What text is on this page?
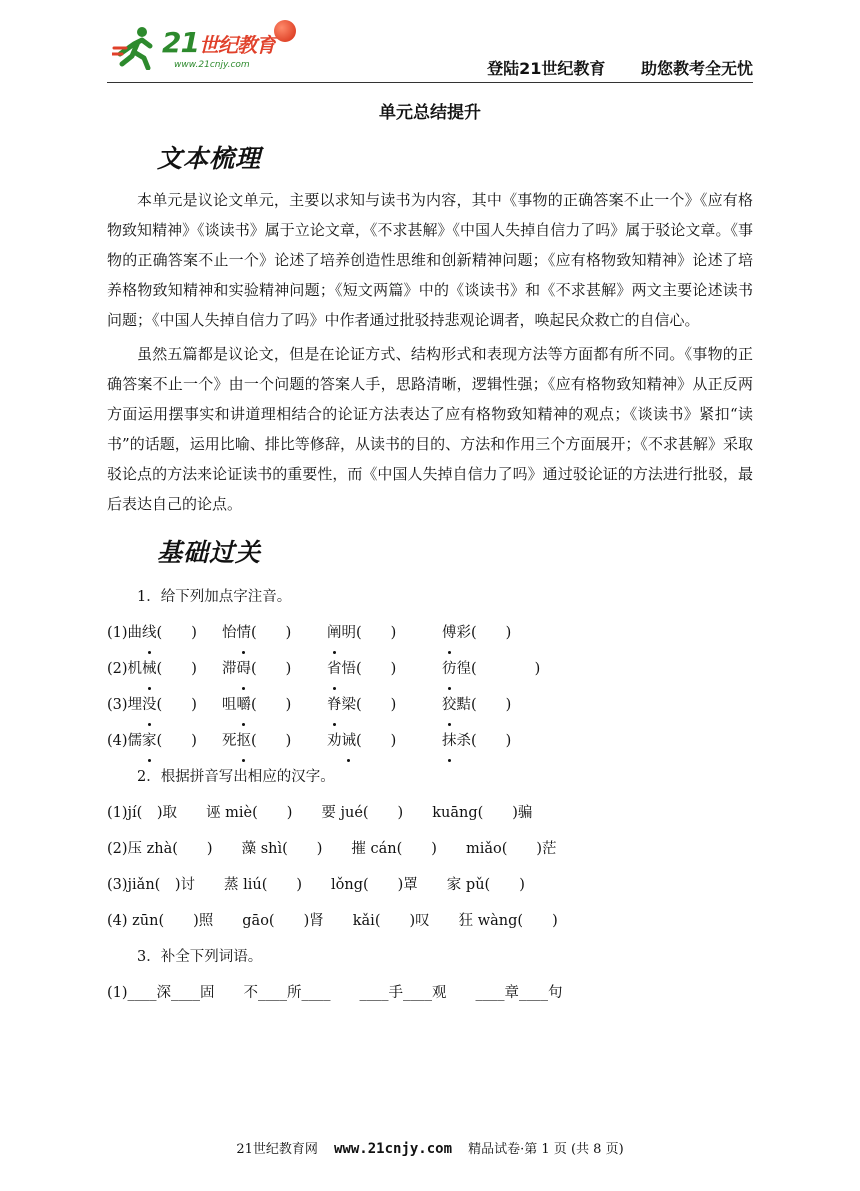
21世纪教育
www.21cnjy.com	登陆21世纪教育 助您教考全无忧
单元总结提升
文本梳理

本单元是议论文单元，主要以求知与读书为内容，其中《事物的正确答案不止一个》《应有格物致知精神》《谈读书》属于立论文章，《不求甚解》《中国人失掉自信力了吗》属于驳论文章。《事物的正确答案不止一个》论述了培养创造性思维和创新精神问题；《应有格物致知精神》论述了培养格物致知精神和实验精神问题；《短文两篇》中的《谈读书》和《不求甚解》两文主要论述读书问题；《中国人失掉自信力了吗》中作者通过批驳持悲观论调者，唤起民众救亡的自信心。

虽然五篇都是议论文，但是在论证方式、结构形式和表现方法等方面都有所不同。《事物的正确答案不止一个》由一个问题的答案人手，思路清晰，逻辑性强；《应有格物致知精神》从正反两方面运用摆事实和讲道理相结合的论证方法表达了应有格物致知精神的观点；《谈读书》紧扣“读书”的话题，运用比喻、排比等修辞，从读书的目的、方法和作用三个方面展开；《不求甚解》采取驳论点的方法来论证读书的重要性，而《中国人失掉自信力了吗》通过驳论证的方法进行批驳，最后表达自己的论点。

基础过关

1．给下列加点字注音。

(1)曲线(　　)	怡情(　　)	阐明(　　)	傅彩(　　)
(2)机械(　　)	滞碍(　　)	省悟(　　)	彷徨(　　　　)
(3)埋没(　　)	咀嚼(　　)	脊梁(　　)	狡黠(　　)
(4)儒家(　　)	死抠(　　)	劝诫(　　)	抹杀(　　)

2．根据拼音写出相应的汉字。

(1)jí(　)取　　诬 miè(　　)　　要 jué(　　)　　kuāng(　　)骗

(2)压 zhà(　　)　　藻 shì(　　)　　摧 cán(　　)　　miǎo(　　)茫

(3)jiǎn(　)讨　　蒸 liú(　　)　　lǒng(　　)罩　　家 pǔ(　　)

(4) zūn(　　)照　　gāo(　　)肾　　kǎi(　　)叹　　狂 wàng(　　)

3．补全下列词语。

(1)____深____固　　不____所____　　____手____观　　____章____句

21世纪教育网 www.21cnjy.com 精品试卷·第 1 页 (共 8 页)
